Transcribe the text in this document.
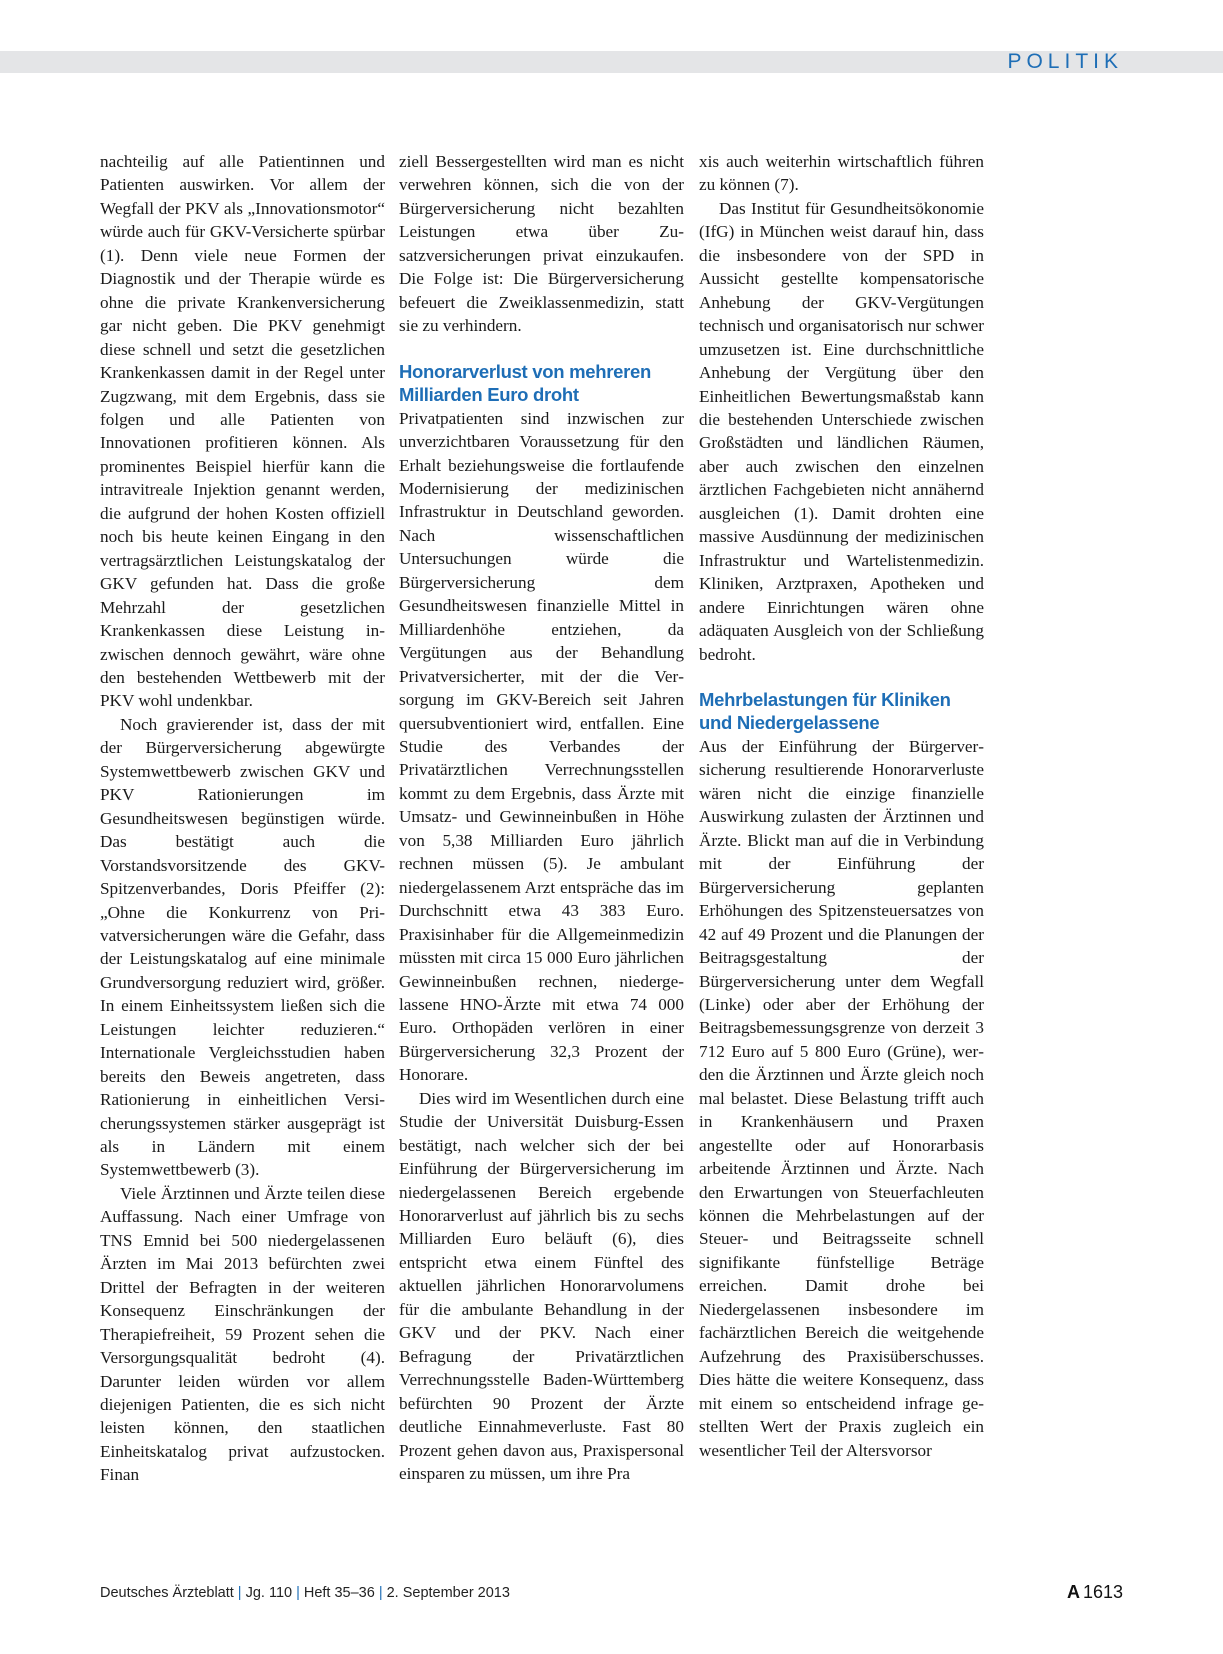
POLITIK

nachteilig auf alle Patientinnen und Patienten auswirken. Vor allem der Wegfall der PKV als „Innovationsmotor“ würde auch für GKV-Versicherte spürbar (1). Denn viele neue Formen der Diagnostik und der Therapie würde es ohne die private Krankenversicherung gar nicht geben. Die PKV genehmigt diese schnell und setzt die gesetzlichen Krankenkassen damit in der Regel unter Zugzwang, mit dem Ergebnis, dass sie folgen und alle Patienten von Innovationen profitieren können. Als prominentes Beispiel hierfür kann die intravitreale Injektion genannt werden, die aufgrund der hohen Kosten offiziell noch bis heute keinen Eingang in den vertragsärztlichen Leistungskatalog der GKV gefunden hat. Dass die große Mehrzahl der gesetzlichen Krankenkassen diese Leistung inzwischen dennoch gewährt, wäre ohne den bestehenden Wettbewerb mit der PKV wohl undenkbar.

Noch gravierender ist, dass der mit der Bürgerversicherung abgewürgte Systemwettbewerb zwischen GKV und PKV Rationierungen im Gesundheitswesen begünstigen würde. Das bestätigt auch die Vorstandsvorsitzende des GKV-Spitzenverbandes, Doris Pfeiffer (2): „Ohne die Konkurrenz von Privatversicherungen wäre die Gefahr, dass der Leistungskatalog auf eine minimale Grundversorgung reduziert wird, größer. In einem Einheitssystem ließen sich die Leistungen leichter reduzieren.“ Internationale Vergleichsstudien haben bereits den Beweis angetreten, dass Rationierung in einheitlichen Versicherungssystemen stärker ausgeprägt ist als in Ländern mit einem Systemwettbewerb (3).

Viele Ärztinnen und Ärzte teilen diese Auffassung. Nach einer Umfrage von TNS Emnid bei 500 niedergelassenen Ärzten im Mai 2013 befürchten zwei Drittel der Befragten in der weiteren Konsequenz Einschränkungen der Therapiefreiheit, 59 Prozent sehen die Versorgungsqualität bedroht (4). Darunter leiden würden vor allem diejenigen Patienten, die es sich nicht leisten können, den staatlichen Einheitskatalog privat aufzustocken. Finan

ziell Bessergestellten wird man es nicht verwehren können, sich die von der Bürgerversicherung nicht bezahlten Leistungen etwa über Zusatzversicherungen privat einzukaufen. Die Folge ist: Die Bürgerversicherung befeuert die Zweiklassenmedizin, statt sie zu verhindern.

Honorarverlust von mehreren Milliarden Euro droht

Privatpatienten sind inzwischen zur unverzichtbaren Voraussetzung für den Erhalt beziehungsweise die fortlaufende Modernisierung der medizinischen Infrastruktur in Deutschland geworden. Nach wissenschaftlichen Untersuchungen würde die Bürgerversicherung dem Gesundheitswesen finanzielle Mittel in Milliardenhöhe entziehen, da Vergütungen aus der Behandlung Privatversicherter, mit der die Versorgung im GKV-Bereich seit Jahren quersubventioniert wird, entfallen. Eine Studie des Verbandes der Privatärztlichen Verrechnungsstellen kommt zu dem Ergebnis, dass Ärzte mit Umsatz- und Gewinneinbußen in Höhe von 5,38 Milliarden Euro jährlich rechnen müssen (5). Je ambulant niedergelassenem Arzt entspräche das im Durchschnitt etwa 43 383 Euro. Praxisinhaber für die Allgemeinmedizin müssten mit circa 15 000 Euro jährlichen Gewinneinbußen rechnen, niedergelassene HNO-Ärzte mit etwa 74 000 Euro. Orthopäden verlören in einer Bürgerversicherung 32,3 Prozent der Honorare.

Dies wird im Wesentlichen durch eine Studie der Universität Duisburg-Essen bestätigt, nach welcher sich der bei Einführung der Bürgerversicherung im niedergelassenen Bereich ergebende Honorarverlust auf jährlich bis zu sechs Milliarden Euro beläuft (6), dies entspricht etwa einem Fünftel des aktuellen jährlichen Honorarvolumens für die ambulante Behandlung in der GKV und der PKV. Nach einer Befragung der Privatärztlichen Verrechnungsstelle Baden-Württemberg befürchten 90 Prozent der Ärzte deutliche Einnahmeverluste. Fast 80 Prozent gehen davon aus, Praxispersonal einsparen zu müssen, um ihre Pra

xis auch weiterhin wirtschaftlich führen zu können (7).

Das Institut für Gesundheitsökonomie (IfG) in München weist darauf hin, dass die insbesondere von der SPD in Aussicht gestellte kompensatorische Anhebung der GKV-Vergütungen technisch und organisatorisch nur schwer umzusetzen ist. Eine durchschnittliche Anhebung der Vergütung über den Einheitlichen Bewertungsmaßstab kann die bestehenden Unterschiede zwischen Großstädten und ländlichen Räumen, aber auch zwischen den einzelnen ärztlichen Fachgebieten nicht annähernd ausgleichen (1). Damit drohten eine massive Ausdünnung der medizinischen Infrastruktur und Wartelistenmedizin. Kliniken, Arztpraxen, Apotheken und andere Einrichtungen wären ohne adäquaten Ausgleich von der Schließung bedroht.

Mehrbelastungen für Kliniken und Niedergelassene

Aus der Einführung der Bürgerversicherung resultierende Honorarverluste wären nicht die einzige finanzielle Auswirkung zulasten der Ärztinnen und Ärzte. Blickt man auf die in Verbindung mit der Einführung der Bürgerversicherung geplanten Erhöhungen des Spitzensteuersatzes von 42 auf 49 Prozent und die Planungen der Beitragsgestaltung der Bürgerversicherung unter dem Wegfall (Linke) oder aber der Erhöhung der Beitragsbemessungsgrenze von derzeit 3 712 Euro auf 5 800 Euro (Grüne), werden die Ärztinnen und Ärzte gleich noch mal belastet. Diese Belastung trifft auch in Krankenhäusern und Praxen angestellte oder auf Honorarbasis arbeitende Ärztinnen und Ärzte. Nach den Erwartungen von Steuerfachleuten können die Mehrbelastungen auf der Steuer- und Beitragsseite schnell signifikante fünfstellige Beträge erreichen. Damit drohe bei Niedergelassenen insbesondere im fachärztlichen Bereich die weitgehende Aufzehrung des Praxisüberschusses. Dies hätte die weitere Konsequenz, dass mit einem so entscheidend infrage gestellten Wert der Praxis zugleich ein wesentlicher Teil der Altersvorsor

Deutsches Ärzteblatt | Jg. 110 | Heft 35–36 | 2. September 2013	A 1613
